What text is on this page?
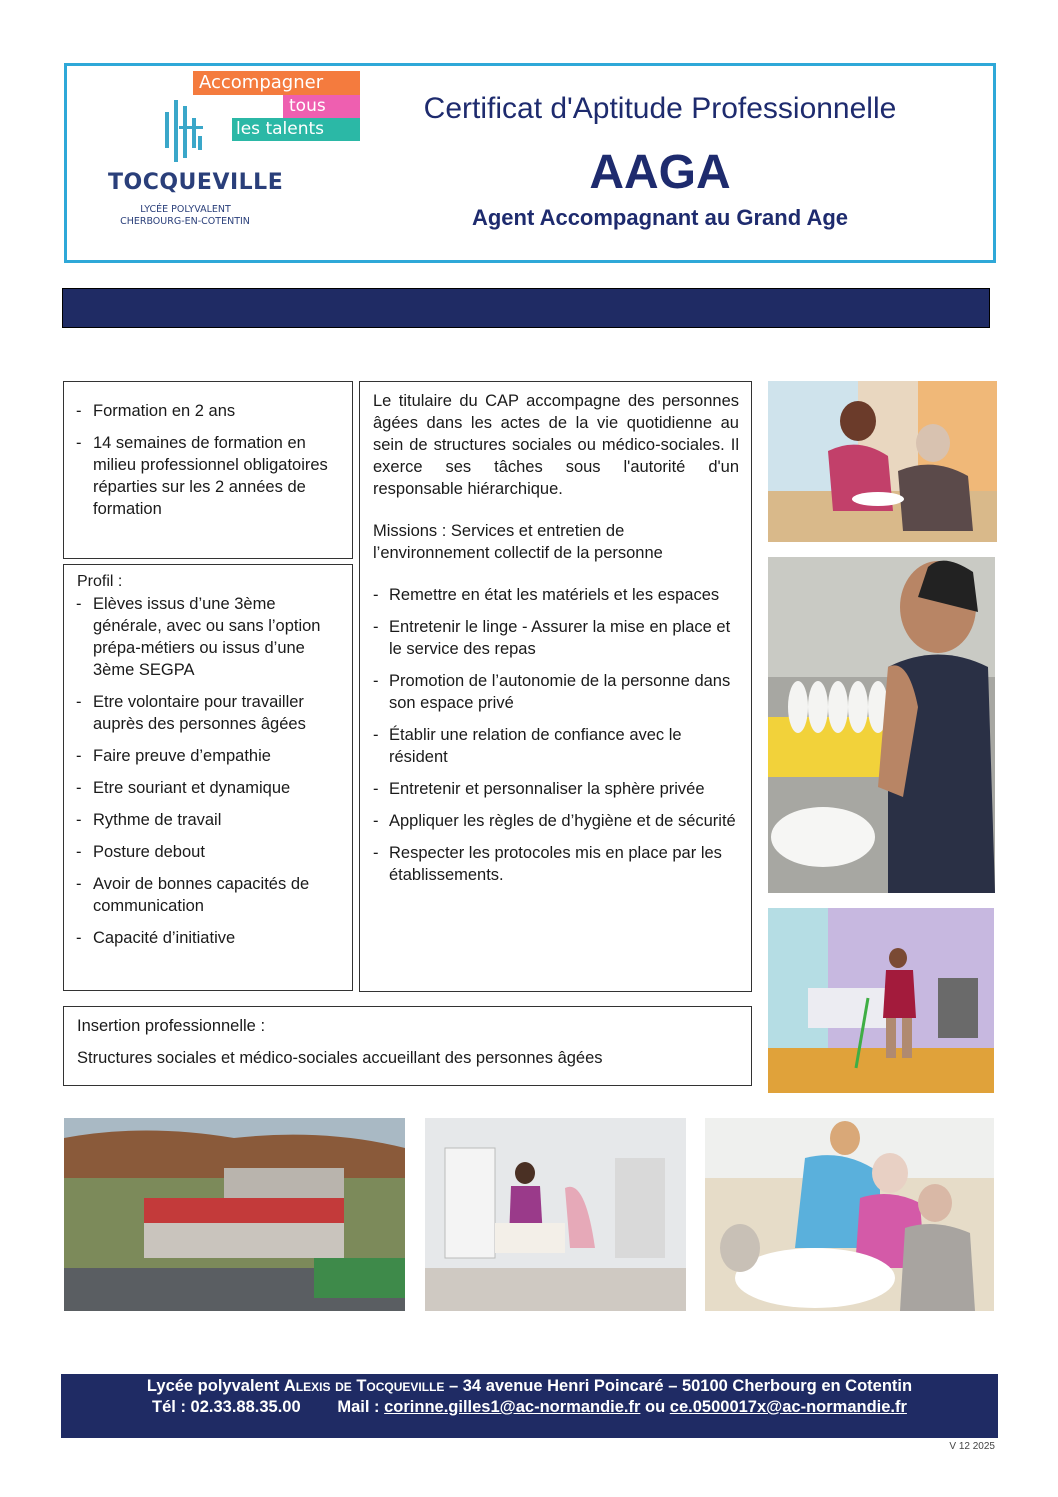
Accompagner
tous
les talents
TOCQUEVILLE
LYCÉE POLYVALENT
CHERBOURG-EN-COTENTIN
Certificat d'Aptitude Professionnelle
AAGA
Agent Accompagnant au Grand Age
- Formation en 2 ans
- 14 semaines de formation en milieu professionnel obligatoires réparties sur les 2 années de formation
Profil :
- Elèves issus d’une 3ème générale, avec ou sans l’option prépa-métiers ou issus d’une 3ème SEGPA
- Etre volontaire pour travailler auprès des personnes âgées
- Faire preuve d’empathie
- Etre souriant et dynamique
- Rythme de travail
- Posture debout
- Avoir de bonnes capacités de communication
- Capacité d’initiative

Le titulaire du CAP accompagne des personnes âgées dans les actes de la vie quotidienne au sein de structures sociales ou médico-sociales. Il exerce ses tâches sous l'autorité d'un responsable hiérarchique.

Missions : Services et entretien de l’environnement collectif de la personne

- Remettre en état les matériels et les espaces
- Entretenir le linge - Assurer la mise en place et le service des repas
- Promotion de l’autonomie de la personne dans son espace privé
- Établir une relation de confiance avec le résident
- Entretenir et personnaliser la sphère privée
- Appliquer les règles de d’hygiène et de sécurité
- Respecter les protocoles mis en place par les établissements.

Insertion professionnelle :

Structures sociales et médico-sociales accueillant des personnes âgées

Lycée polyvalent Alexis de Tocqueville – 34 avenue Henri Poincaré – 50100 Cherbourg en Cotentin
Tél : 02.33.88.35.00 Mail : corinne.gilles1@ac-normandie.fr ou ce.0500017x@ac-normandie.fr
V 12 2025
